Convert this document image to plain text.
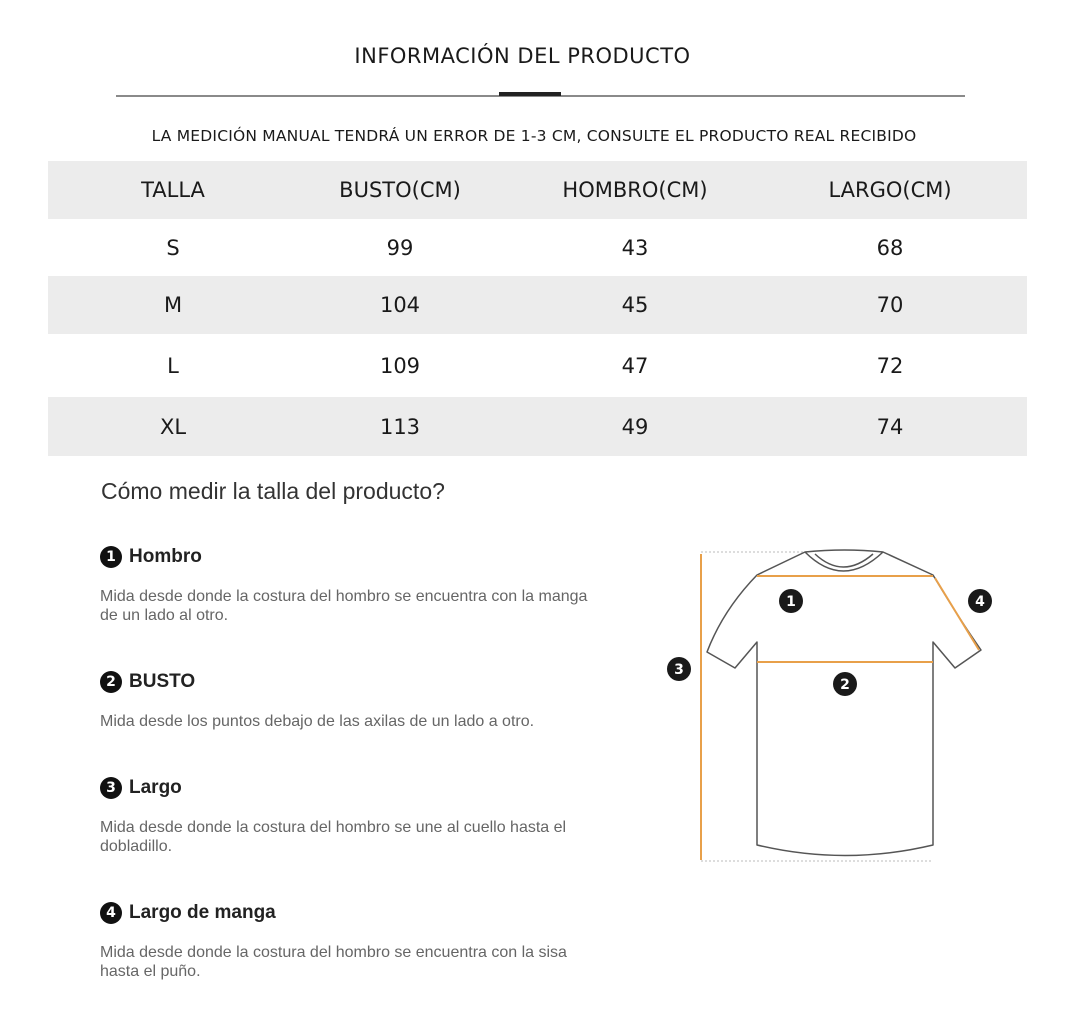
INFORMACIÓN DEL PRODUCTO
LA MEDICIÓN MANUAL TENDRÁ UN ERROR DE 1-3 CM, CONSULTE EL PRODUCTO REAL RECIBIDO
TALLA	BUSTO(CM)	HOMBRO(CM)	LARGO(CM)
S	99	43	68
M	104	45	70
L	109	47	72
XL	113	49	74
Cómo medir la talla del producto?
1 Hombro
Mida desde donde la costura del hombro se encuentra con la manga de un lado al otro.
2 BUSTO
Mida desde los puntos debajo de las axilas de un lado a otro.
3 Largo
Mida desde donde la costura del hombro se une al cuello hasta el dobladillo.
4 Largo de manga
Mida desde donde la costura del hombro se encuentra con la sisa hasta el puño.
1
2
3
4
